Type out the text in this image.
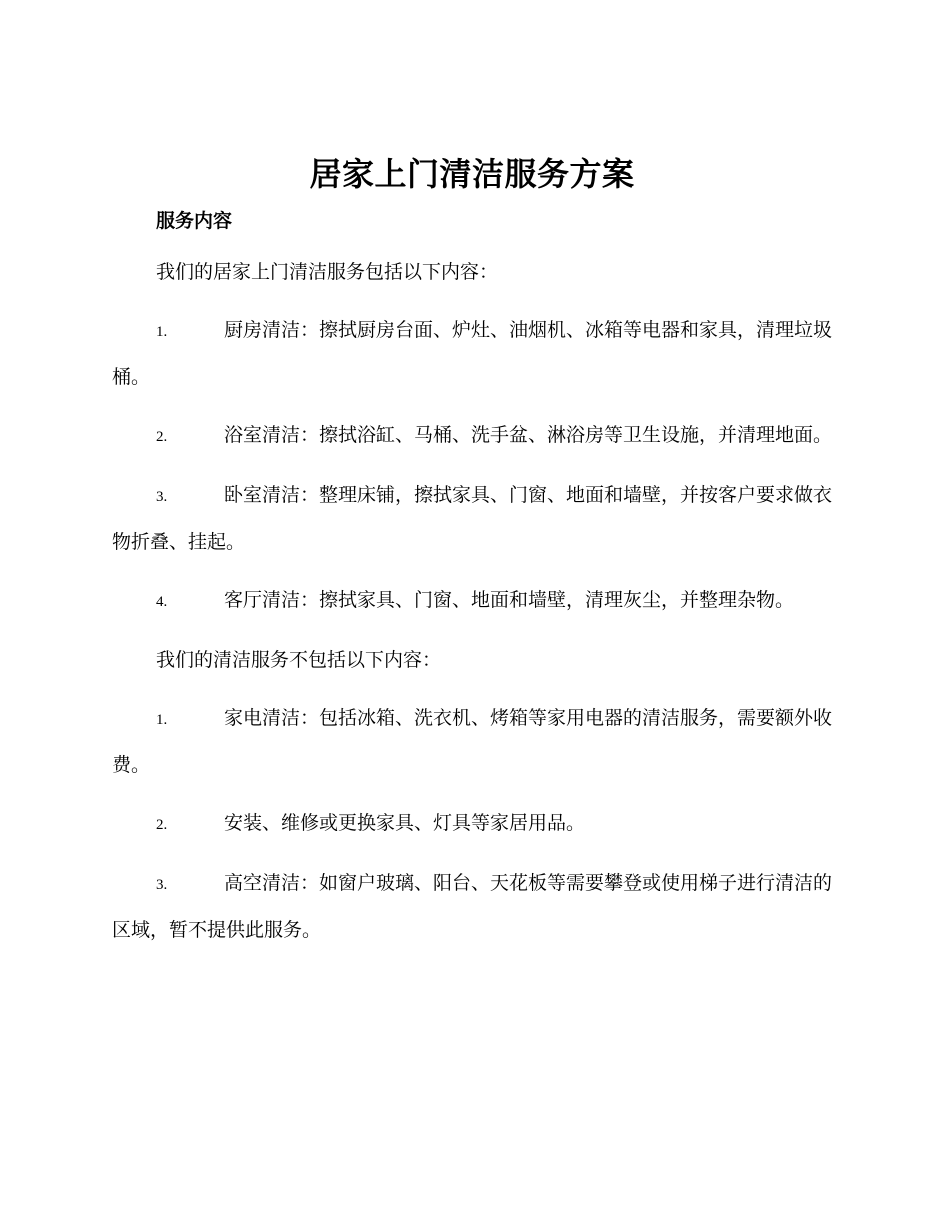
居家上门清洁服务方案
服务内容

我们的居家上门清洁服务包括以下内容：

1.	厨房清洁：擦拭厨房台面、炉灶、油烟机、冰箱等电器和家具，清理垃圾桶。
2.	浴室清洁：擦拭浴缸、马桶、洗手盆、淋浴房等卫生设施，并清理地面。
3.	卧室清洁：整理床铺，擦拭家具、门窗、地面和墙壁，并按客户要求做衣物折叠、挂起。
4.	客厅清洁：擦拭家具、门窗、地面和墙壁，清理灰尘，并整理杂物。

我们的清洁服务不包括以下内容：

1.	家电清洁：包括冰箱、洗衣机、烤箱等家用电器的清洁服务，需要额外收费。
2.	安装、维修或更换家具、灯具等家居用品。
3.	高空清洁：如窗户玻璃、阳台、天花板等需要攀登或使用梯子进行清洁的区域，暂不提供此服务。
